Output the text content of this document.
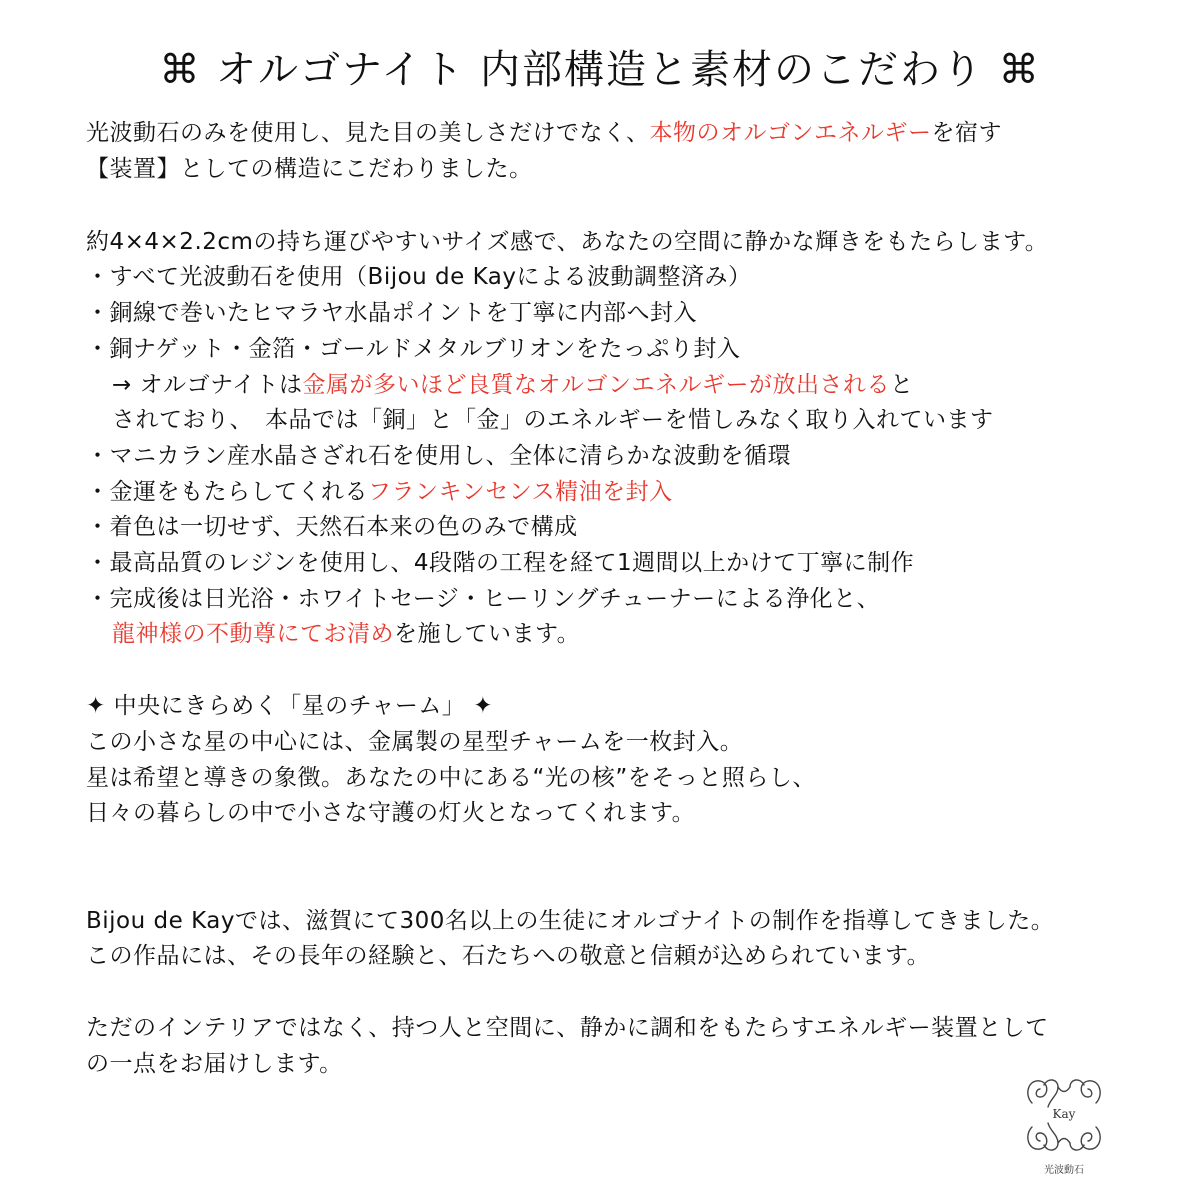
⌘ オルゴナイト 内部構造と素材のこだわり ⌘
光波動石のみを使用し、見た目の美しさだけでなく、本物のオルゴンエネルギーを宿す
【装置】としての構造にこだわりました。
約4×4×2.2cmの持ち運びやすいサイズ感で、あなたの空間に静かな輝きをもたらします。
・すべて光波動石を使用（Bijou de Kayによる波動調整済み）
・銅線で巻いたヒマラヤ水晶ポイントを丁寧に内部へ封入
・銅ナゲット・金箔・ゴールドメタルブリオンをたっぷり封入
→ オルゴナイトは金属が多いほど良質なオルゴンエネルギーが放出されると
されており、　本品では「銅」と「金」のエネルギーを惜しみなく取り入れています
・マニカラン産水晶さざれ石を使用し、全体に清らかな波動を循環
・金運をもたらしてくれるフランキンセンス精油を封入
・着色は一切せず、天然石本来の色のみで構成
・最高品質のレジンを使用し、4段階の工程を経て1週間以上かけて丁寧に制作
・完成後は日光浴・ホワイトセージ・ヒーリングチューナーによる浄化と、
龍神様の不動尊にてお清めを施しています。
✦ 中央にきらめく「星のチャーム」 ✦
この小さな星の中心には、金属製の星型チャームを一枚封入。
星は希望と導きの象徴。あなたの中にある“光の核”をそっと照らし、
日々の暮らしの中で小さな守護の灯火となってくれます。
Bijou de Kayでは、滋賀にて300名以上の生徒にオルゴナイトの制作を指導してきました。
この作品には、その長年の経験と、石たちへの敬意と信頼が込められています。
ただのインテリアではなく、持つ人と空間に、静かに調和をもたらすエネルギー装置として
の一点をお届けします。
Kay
光波動石
